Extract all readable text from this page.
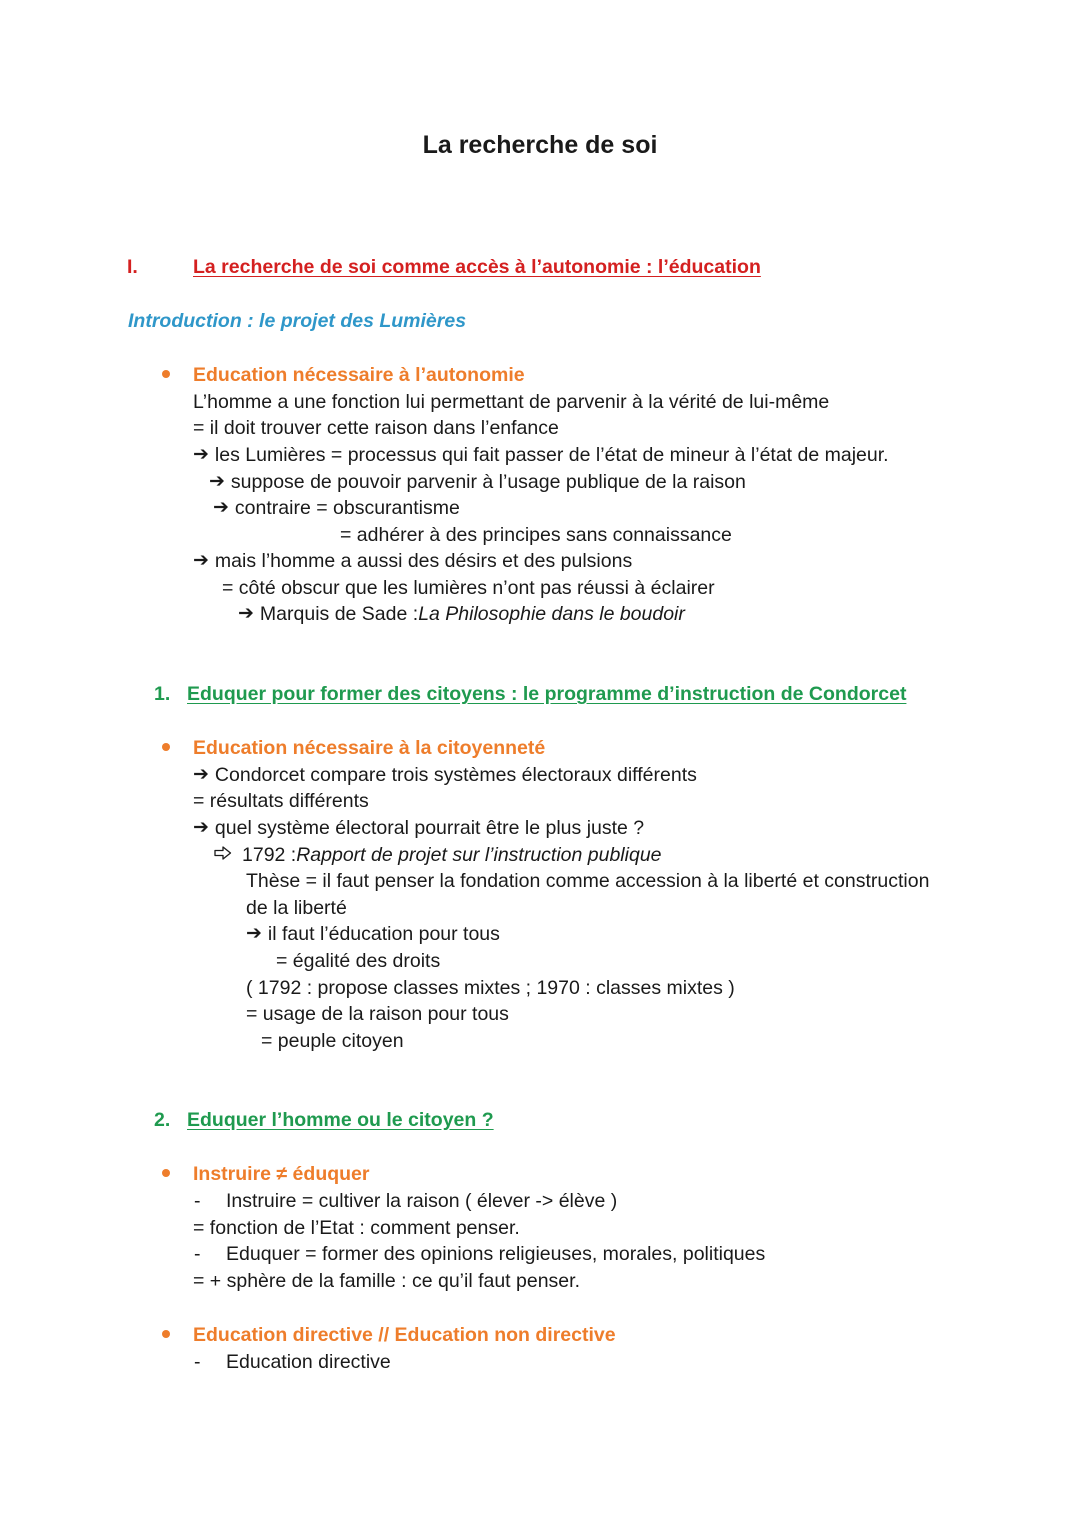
La recherche de soi
I.	La recherche de soi comme accès à l’autonomie : l’éducation
Introduction : le projet des Lumières
Education nécessaire à l’autonomie
L’homme a une fonction lui permettant de parvenir à la vérité de lui-même
= il doit trouver cette raison dans l’enfance
➔ les Lumières = processus qui fait passer de l’état de mineur à l’état de majeur.
➔ suppose de pouvoir parvenir à l’usage publique de la raison
➔ contraire = obscurantisme
= adhérer à des principes sans connaissance
➔ mais l’homme a aussi des désirs et des pulsions
= côté obscur que les lumières n’ont pas réussi à éclairer
➔ Marquis de Sade : La Philosophie dans le boudoir
1. Eduquer pour former des citoyens : le programme d’instruction de Condorcet
Education nécessaire à la citoyenneté
➔ Condorcet compare trois systèmes électoraux différents
= résultats différents
➔ quel système électoral pourrait être le plus juste ?
1792 : Rapport de projet sur l’instruction publique
Thèse = il faut penser la fondation comme accession à la liberté et construction
de la liberté
➔ il faut l’éducation pour tous
= égalité des droits
( 1792 : propose classes mixtes ; 1970 : classes mixtes )
= usage de la raison pour tous
= peuple citoyen
2. Eduquer l’homme ou le citoyen ?
Instruire ≠ éduquer
- Instruire = cultiver la raison ( élever -> élève )
= fonction de l’Etat : comment penser.
- Eduquer = former des opinions religieuses, morales, politiques
= + sphère de la famille : ce qu’il faut penser.
Education directive // Education non directive
- Education directive
